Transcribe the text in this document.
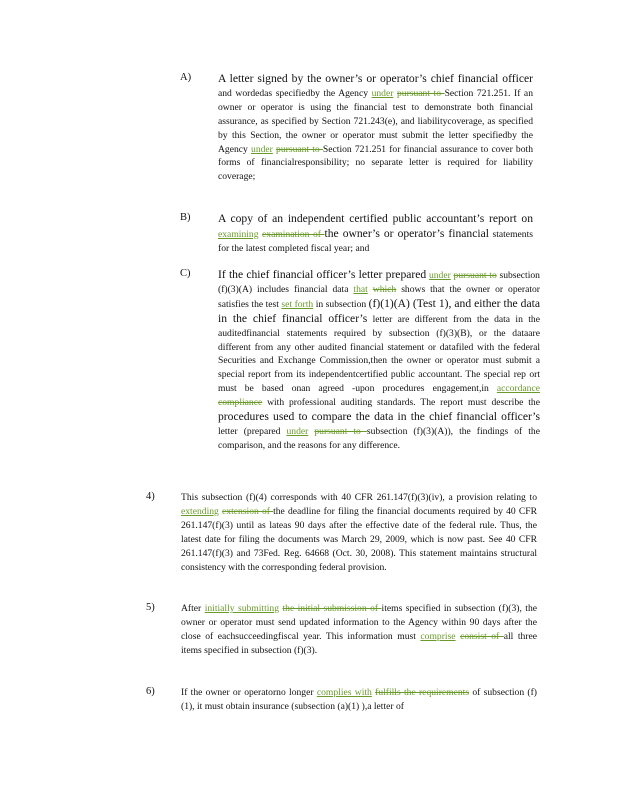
A) A letter signed by the owner’s or operator’s chief financial officer and wordedas specifiedby the Agency under pursuant to Section 721.251. If an owner or operator is using the financial test to demonstrate both financial assurance, as specified by Section 721.243(e), and liabilitycoverage, as specified by this Section, the owner or operator must submit the letter specifiedby the Agency under pursuant to Section 721.251 for financial assurance to cover both forms of financialresponsibility; no separate letter is required for liability coverage;
B) A copy of an independent certified public accountant’s report on examining examination of the owner’s or operator’s financial statements for the latest completed fiscal year; and
C) If the chief financial officer’s letter prepared under pursuant to subsection (f)(3)(A) includes financial data that which shows that the owner or operator satisfies the test set forth in subsection (f)(1)(A) (Test 1), and either the data in the chief financial officer’s letter are different from the data in the auditedfinancial statements required by subsection (f)(3)(B), or the dataare different from any other audited financial statement or datafiled with the federal Securities and Exchange Commission,then the owner or operator must submit a special report from its independentcertified public accountant. The special rep ort must be based onan agreed -upon procedures engagement,in accordance compliance with professional auditing standards. The report must describe the procedures used to compare the data in the chief financial officer’s letter (prepared under pursuant to subsection (f)(3)(A)), the findings of the comparison, and the reasons for any difference.
4)	This subsection (f)(4) corresponds with 40 CFR 261.147(f)(3)(iv), a provision relating to extending extension of the deadline for filing the financial documents required by 40 CFR 261.147(f)(3) until as lateas 90 days after the effective date of the federal rule. Thus, the latest date for filing the documents was March 29, 2009, which is now past. See 40 CFR 261.147(f)(3) and 73Fed. Reg. 64668 (Oct. 30, 2008). This statement maintains structural consistency with the corresponding federal provision.
5)	After initially submitting the initial submission of items specified in subsection (f)(3), the owner or operator must send updated information to the Agency within 90 days after the close of eachsucceedingfiscal year. This information must comprise consist of all three items specified in subsection (f)(3).
6)	If the owner or operatorno longer complies with fulfills the requirements of subsection (f)(1), it must obtain insurance (subsection (a)(1) ),a letter of
